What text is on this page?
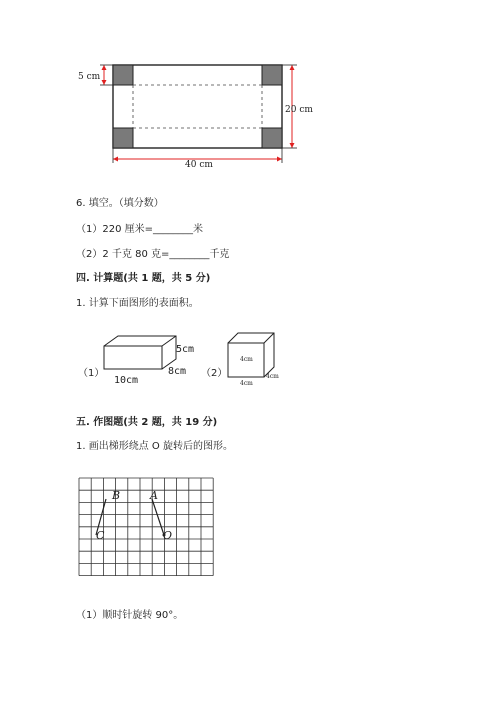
5 cm
20 cm
40 cm
6. 填空。（填分数）
（1）220 厘米=________米
（2）2 千克 80 克=________千克
四. 计算题(共 1 题，共 5 分)
1. 计算下面图形的表面积。
（1）	（2）
5cm
8cm
10cm
4cm
4cm
4cm
五. 作图题(共 2 题，共 19 分)
1. 画出梯形绕点 O 旋转后的图形。
B	A
C	O
（1）顺时针旋转 90°。
